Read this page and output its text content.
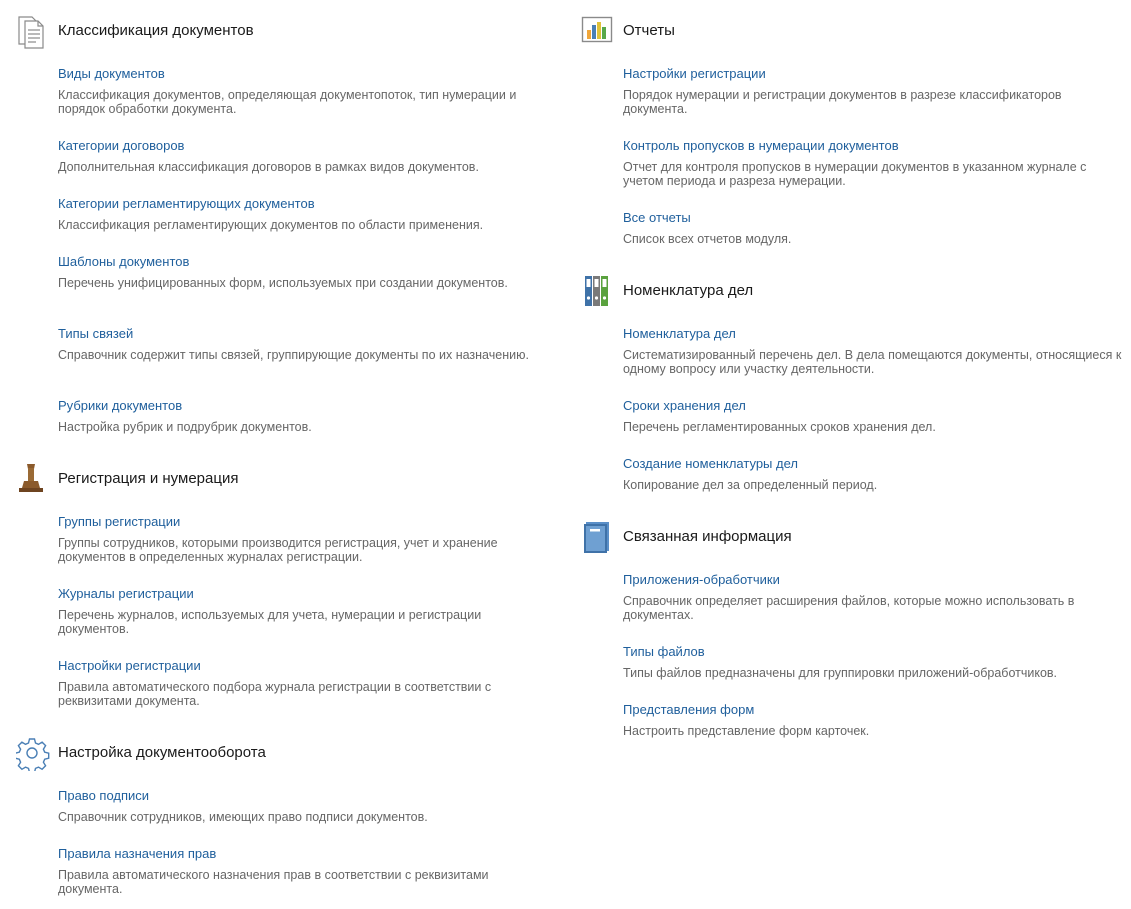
Классификация документов
Виды документов
Классификация документов, определяющая документопоток, тип нумерации и порядок обработки документа.
Категории договоров
Дополнительная классификация договоров в рамках видов документов.
Категории регламентирующих документов
Классификация регламентирующих документов по области применения.
Шаблоны документов
Перечень унифицированных форм, используемых при создании документов.
Типы связей
Справочник содержит типы связей, группирующие документы по их назначению.
Рубрики документов
Настройка рубрик и подрубрик документов.
Регистрация и нумерация
Группы регистрации
Группы сотрудников, которыми производится регистрация, учет и хранение документов в определенных журналах регистрации.
Журналы регистрации
Перечень журналов, используемых для учета, нумерации и регистрации документов.
Настройки регистрации
Правила автоматического подбора журнала регистрации в соответствии с реквизитами документа.
Настройка документооборота
Право подписи
Справочник сотрудников, имеющих право подписи документов.
Правила назначения прав
Правила автоматического назначения прав в соответствии с реквизитами документа.
Отчеты
Настройки регистрации
Порядок нумерации и регистрации документов в разрезе классификаторов документа.
Контроль пропусков в нумерации документов
Отчет для контроля пропусков в нумерации документов в указанном журнале с учетом периода и разреза нумерации.
Все отчеты
Список всех отчетов модуля.
Номенклатура дел
Номенклатура дел
Систематизированный перечень дел. В дела помещаются документы, относящиеся к одному вопросу или участку деятельности.
Сроки хранения дел
Перечень регламентированных сроков хранения дел.
Создание номенклатуры дел
Копирование дел за определенный период.
Связанная информация
Приложения-обработчики
Справочник определяет расширения файлов, которые можно использовать в документах.
Типы файлов
Типы файлов предназначены для группировки приложений-обработчиков.
Представления форм
Настроить представление форм карточек.
